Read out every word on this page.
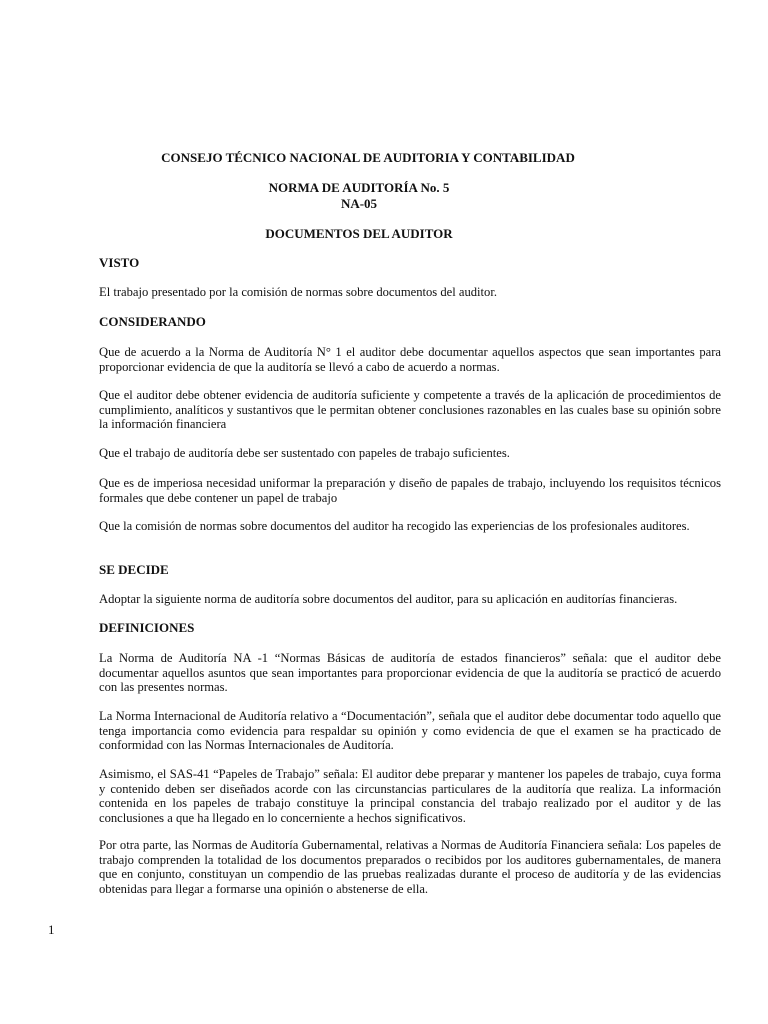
CONSEJO TÉCNICO NACIONAL DE AUDITORIA Y CONTABILIDAD

NORMA DE AUDITORÍA No. 5

NA-05

DOCUMENTOS DEL AUDITOR

VISTO

El trabajo presentado por la comisión de normas sobre documentos del auditor.

CONSIDERANDO

Que de acuerdo a la Norma de Auditoría N° 1 el auditor debe documentar aquellos aspectos que sean importantes para proporcionar evidencia de que la auditoría se llevó a cabo de acuerdo a normas.

Que el auditor debe obtener evidencia de auditoría suficiente y competente a través de la aplicación de procedimientos de cumplimiento, analíticos y sustantivos que le permitan obtener conclusiones razonables en las cuales base su opinión sobre la información financiera

Que el trabajo de auditoría debe ser sustentado con papeles de trabajo suficientes.

Que es de imperiosa necesidad uniformar la preparación y diseño de papales de trabajo, incluyendo los requisitos técnicos formales que debe contener un papel de trabajo

Que la comisión de normas sobre documentos del auditor ha recogido las experiencias de los profesionales auditores.

SE DECIDE

Adoptar la siguiente norma de auditoría sobre documentos del auditor, para su aplicación en auditorías financieras.

DEFINICIONES

La Norma de Auditoría NA -1 “Normas Básicas de auditoría de estados financieros” señala: que el auditor debe documentar aquellos asuntos que sean importantes para proporcionar evidencia de que la auditoría se practicó de acuerdo con las presentes normas.

La Norma Internacional de Auditoría relativo a “Documentación”, señala que el auditor debe documentar todo aquello que tenga importancia como evidencia para respaldar su opinión y como evidencia de que el examen se ha practicado de conformidad con las Normas Internacionales de Auditoría.

Asimismo, el SAS-41 “Papeles de Trabajo” señala: El auditor debe preparar y mantener los papeles de trabajo, cuya forma y contenido deben ser diseñados acorde con las circunstancias particulares de la auditoría que realiza. La información contenida en los papeles de trabajo constituye la principal constancia del trabajo realizado por el auditor y de las conclusiones a que ha llegado en lo concerniente a hechos significativos.

Por otra parte, las Normas de Auditoría Gubernamental, relativas a Normas de Auditoría Financiera señala: Los papeles de trabajo comprenden la totalidad de los documentos preparados o recibidos por los auditores gubernamentales, de manera que en conjunto, constituyan un compendio de las pruebas realizadas durante el proceso de auditoría y de las evidencias obtenidas para llegar a formarse una opinión o abstenerse de ella.

1
